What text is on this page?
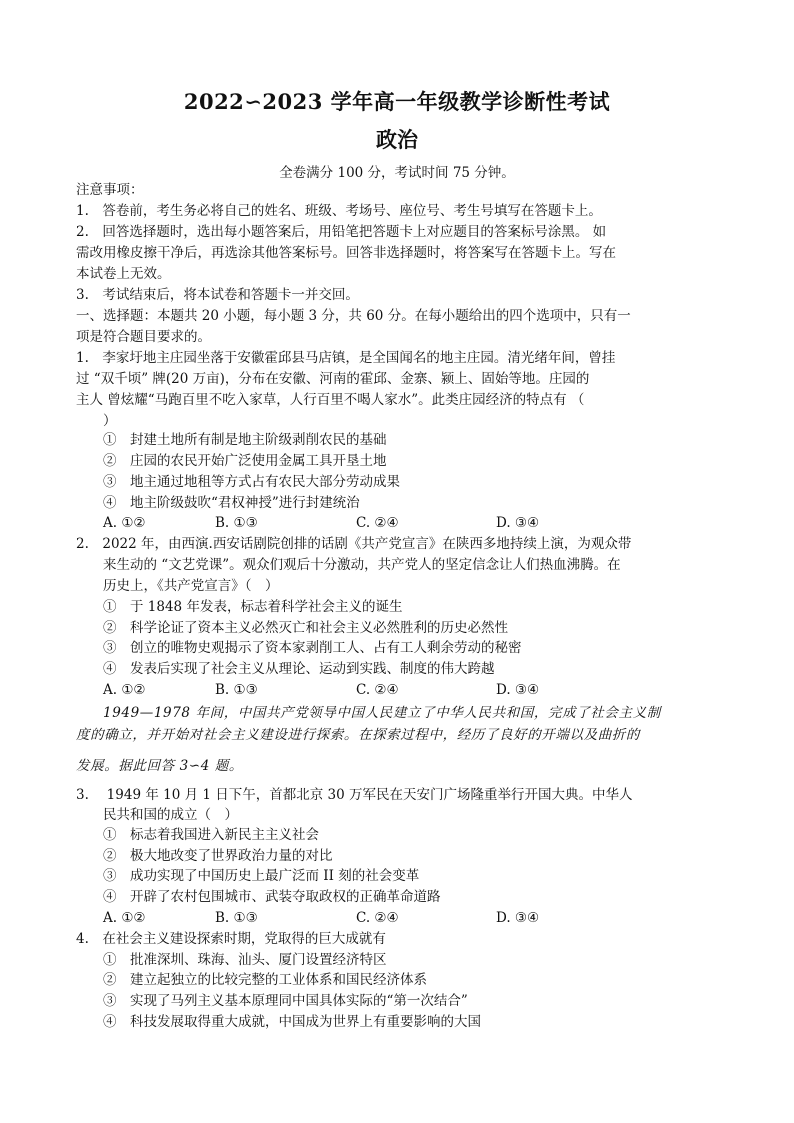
2022∽2023 学年高一年级教学诊断性考试
政治
全卷满分 100 分，考试时间 75 分钟。
注意事项：
1.　答卷前，考生务必将自己的姓名、班级、考场号、座位号、考生号填写在答题卡上。
2.　回答选择题时，选出每小题答案后，用铅笔把答题卡上对应题目的答案标号涂黑。 如
需改用橡皮擦干净后，再选涂其他答案标号。回答非选择题时，将答案写在答题卡上。写在
本试卷上无效。
3.　考试结束后，将本试卷和答题卡一并交回。
一、选择题：本题共 20 小题，每小题 3 分，共 60 分。在每小题给出的四个选项中，只有一
项是符合题目要求的。
1.　李家圩地主庄园坐落于安徽霍邱县马店镇，是全国闻名的地主庄园。清光绪年间，曾挂
过 “双千顷” 牌(20 万亩)，分布在安徽、河南的霍邱、金寨、颍上、固始等地。庄园的
主人 曾炫耀“马跑百里不吃入家草，人行百里不喝人家水”。此类庄园经济的特点有 （
）
①　封建土地所有制是地主阶级剥削农民的基础
②　庄园的农民开始广泛使用金属工具开垦土地
③　地主通过地租等方式占有农民大部分劳动成果
④　地主阶级鼓吹“君权神授”进行封建统治
A. ①②	B. ①③	C. ②④	D. ③④
2.　2022 年，由西演.西安话剧院创排的话剧《共产党宣言》在陕西多地持续上演，为观众带
来生动的 “文艺党课”。观众们观后十分激动，共产党人的坚定信念让人们热血沸腾。在
历史上，《共产党宣言》（　）
①　于 1848 年发表，标志着科学社会主义的诞生
②　科学论证了资本主义必然灭亡和社会主义必然胜利的历史必然性
③　创立的唯物史观揭示了资本家剥削工人、占有工人剩余劳动的秘密
④　发表后实现了社会主义从理论、运动到实践、制度的伟大跨越
A. ①②	B. ①③	C. ②④	D. ③④
1949—1978 年间，中国共产党领导中国人民建立了中华人民共和国，完成了社会主义制
度的确立，并开始对社会主义建设进行探索。在探索过程中，经历了良好的开端以及曲折的
发展。据此回答 3∽4 题。
3.　 1949 年 10 月 1 日下午，首都北京 30 万军民在天安门广场隆重举行开国大典。中华人
民共和国的成立（　）
①　标志着我国进入新民主主义社会
②　极大地改变了世界政治力量的对比
③　成功实现了中国历史上最广泛而 II 刻的社会变革
④　开辟了农村包围城市、武装夺取政权的正确革命道路
A. ①②	B. ①③	C. ②④	D. ③④
4.　在社会主义建设探索时期，党取得的巨大成就有
①　批准深圳、珠海、汕头、厦门设置经济特区
②　建立起独立的比较完整的工业体系和国民经济体系
③　实现了马列主义基本原理同中国具体实际的“第一次结合”
④　科技发展取得重大成就，中国成为世界上有重要影响的大国
